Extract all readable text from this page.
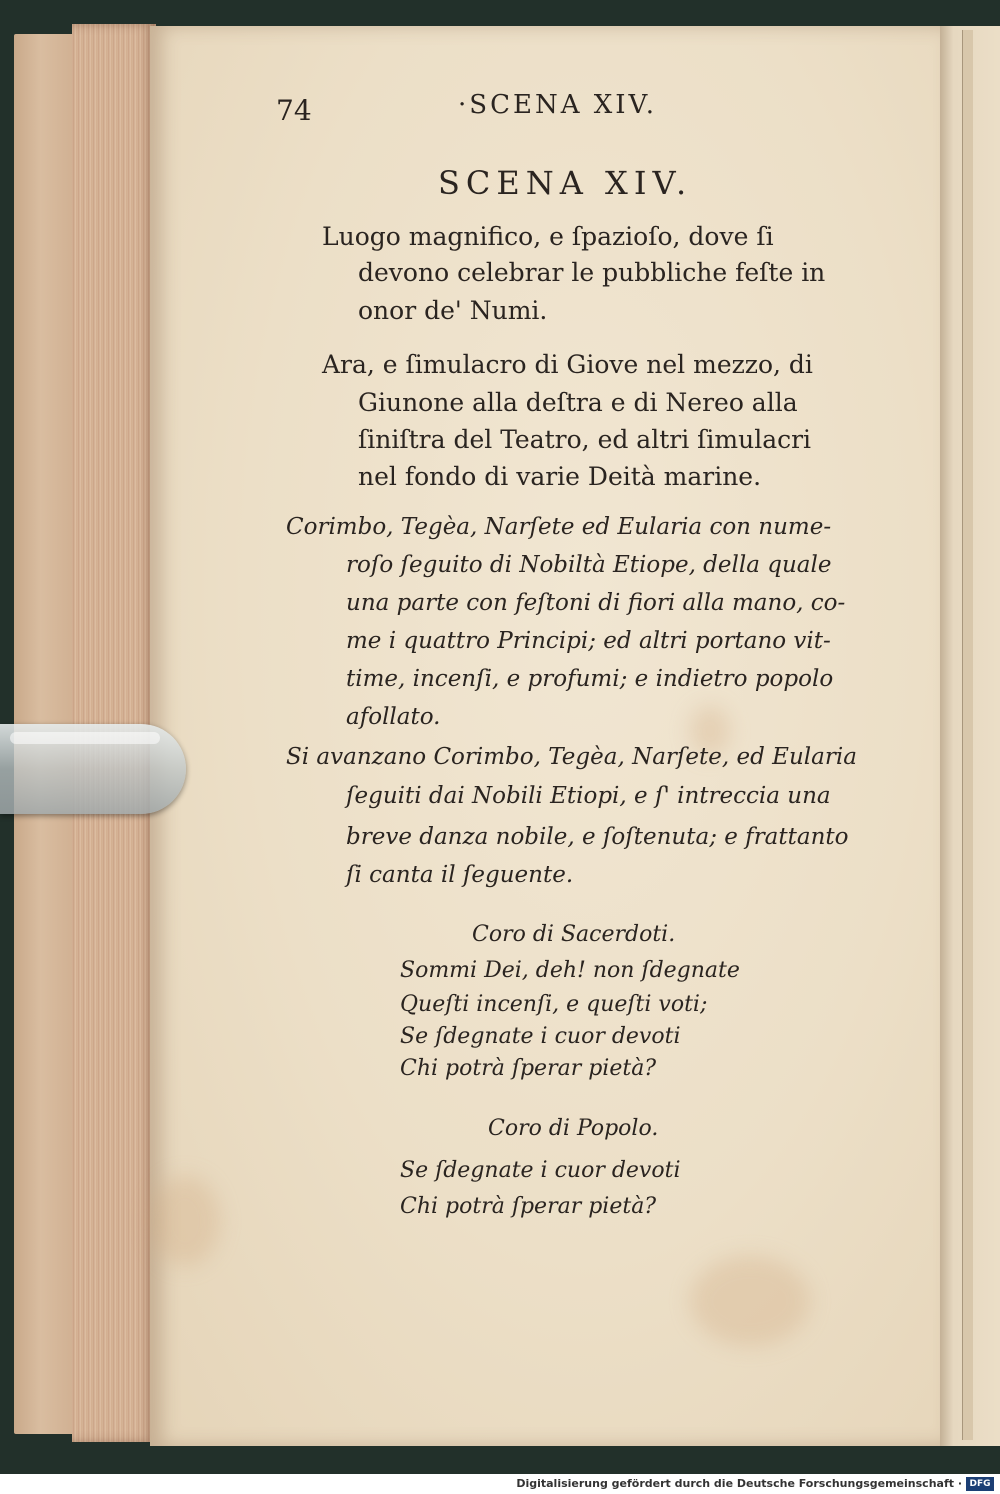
74	·SCENA XIV.
SCENA XIV.
Luogo magnifico, e ſpazioſo, dove ſi
devono celebrar le pubbliche feſte in
onor de' Numi.
Ara, e ſimulacro di Giove nel mezzo, di
Giunone alla deſtra e di Nereo alla
ſiniſtra del Teatro, ed altri ſimulacri
nel fondo di varie Deità marine.
Corimbo, Tegèa, Narſete ed Eularia con nume-
roſo ſeguito di Nobiltà Etiope, della quale
una parte con feſtoni di fiori alla mano, co-
me i quattro Principi; ed altri portano vit-
time, incenſi, e profumi; e indietro popolo
afollato.
Si avanzano Corimbo, Tegèa, Narſete, ed Eularia
ſeguiti dai Nobili Etiopi, e ſ' intreccia una
breve danza nobile, e ſoſtenuta; e frattanto
ſi canta il ſeguente.
Coro di Sacerdoti.
Sommi Dei, deh! non ſdegnate
Queſti incenſi, e queſti voti;
Se ſdegnate i cuor devoti
Chi potrà ſperar pietà?
Coro di Popolo.
Se ſdegnate i cuor devoti
Chi potrà ſperar pietà?
Digitalisierung gefördert durch die Deutsche Forschungsgemeinschaft · DFG
